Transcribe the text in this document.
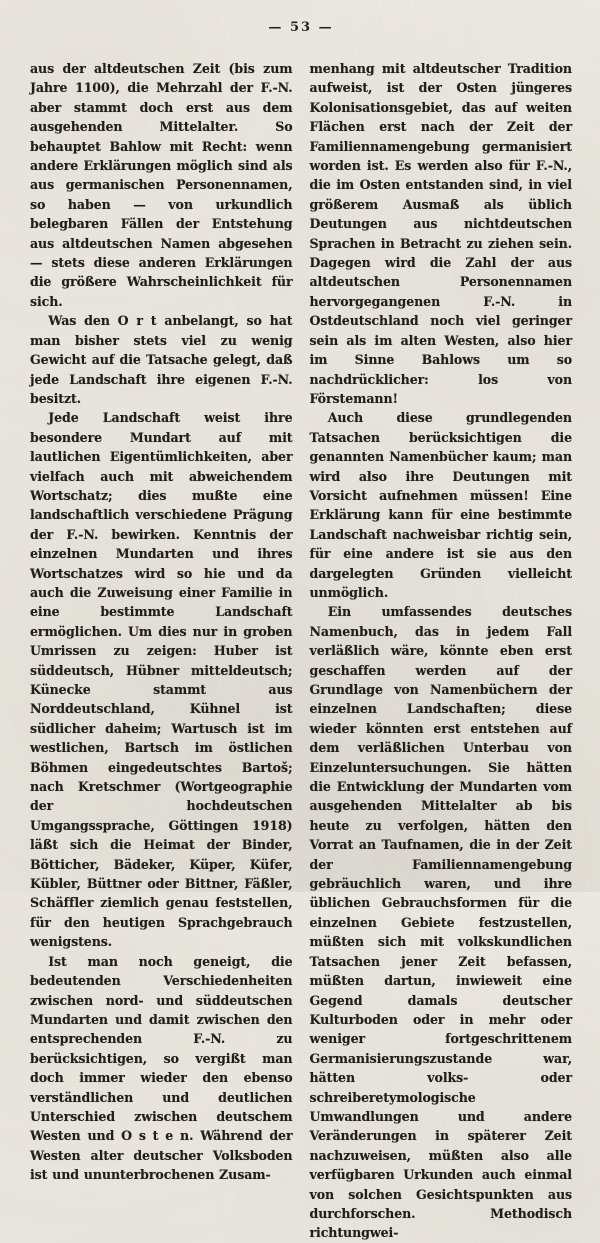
— 53 —

aus der altdeutschen Zeit (bis zum Jahre 1100), die Mehrzahl der F.-N. aber stammt doch erst aus dem ausgehenden Mittelalter. So behauptet Bahlow mit Recht: wenn andere Erklärungen möglich sind als aus germanischen Personennamen, so haben — von urkundlich belegbaren Fällen der Entstehung aus altdeutschen Namen abgesehen — stets diese anderen Erklärungen die größere Wahrscheinlichkeit für sich.

Was den O r t anbelangt, so hat man bisher stets viel zu wenig Gewicht auf die Tatsache gelegt, daß jede Landschaft ihre eigenen F.-N. besitzt.

Jede Landschaft weist ihre besondere Mundart auf mit lautlichen Eigentümlichkeiten, aber vielfach auch mit abweichendem Wortschatz; dies mußte eine landschaftlich verschiedene Prägung der F.-N. bewirken. Kenntnis der einzelnen Mundarten und ihres Wortschatzes wird so hie und da auch die Zuweisung einer Familie in eine bestimmte Landschaft ermöglichen. Um dies nur in groben Umrissen zu zeigen: Huber ist süddeutsch, Hübner mitteldeutsch; Künecke stammt aus Norddeutschland, Kühnel ist südlicher daheim; Wartusch ist im westlichen, Bartsch im östlichen Böhmen eingedeutschtes Bartoš; nach Kretschmer (Wortgeographie der hochdeutschen Umgangssprache, Göttingen 1918) läßt sich die Heimat der Binder, Bötticher, Bädeker, Küper, Küfer, Kübler, Büttner oder Bittner, Fäßler, Schäffler ziemlich genau feststellen, für den heutigen Sprachgebrauch wenigstens.

Ist man noch geneigt, die bedeutenden Verschiedenheiten zwischen nord- und süddeutschen Mundarten und damit zwischen den entsprechenden F.-N. zu berücksichtigen, so vergißt man doch immer wieder den ebenso verständlichen und deutlichen Unterschied zwischen deutschem Westen und O s t e n. Während der Westen alter deutscher Volksboden ist und ununterbrochenen Zusam-

menhang mit altdeutscher Tradition aufweist, ist der Osten jüngeres Kolonisationsgebiet, das auf weiten Flächen erst nach der Zeit der Familiennamengebung germanisiert worden ist. Es werden also für F.-N., die im Osten entstanden sind, in viel größerem Ausmaß als üblich Deutungen aus nichtdeutschen Sprachen in Betracht zu ziehen sein. Dagegen wird die Zahl der aus altdeutschen Personennamen hervorgegangenen F.-N. in Ostdeutschland noch viel geringer sein als im alten Westen, also hier im Sinne Bahlows um so nachdrücklicher: los von Förstemann!

Auch diese grundlegenden Tatsachen berücksichtigen die genannten Namenbücher kaum; man wird also ihre Deutungen mit Vorsicht aufnehmen müssen! Eine Erklärung kann für eine bestimmte Landschaft nachweisbar richtig sein, für eine andere ist sie aus den dargelegten Gründen vielleicht unmöglich.

Ein umfassendes deutsches Namenbuch, das in jedem Fall verläßlich wäre, könnte eben erst geschaffen werden auf der Grundlage von Namenbüchern der einzelnen Landschaften; diese wieder könnten erst entstehen auf dem verläßlichen Unterbau von Einzeluntersuchungen. Sie hätten die Entwicklung der Mundarten vom ausgehenden Mittelalter ab bis heute zu verfolgen, hätten den Vorrat an Taufnamen, die in der Zeit der Familiennamengebung gebräuchlich waren, und ihre üblichen Gebrauchsformen für die einzelnen Gebiete festzustellen, müßten sich mit volkskundlichen Tatsachen jener Zeit befassen, müßten dartun, inwieweit eine Gegend damals deutscher Kulturboden oder in mehr oder weniger fortgeschrittenem Germanisierungszustande war, hätten volks- oder schreiberetymologische Umwandlungen und andere Veränderungen in späterer Zeit nachzuweisen, müßten also alle verfügbaren Urkunden auch einmal von solchen Gesichtspunkten aus durchforschen. Methodisch richtungwei-
